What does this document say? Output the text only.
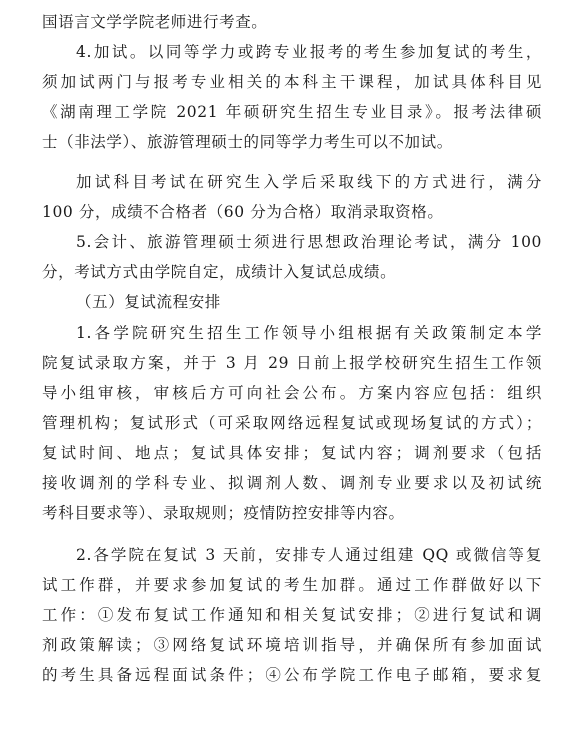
国语言文学学院老师进行考查。
4.加试。以同等学力或跨专业报考的考生参加复试的考生，
须加试两门与报考专业相关的本科主干课程，加试具体科目见
《湖南理工学院 2021 年硕研究生招生专业目录》。报考法律硕
士（非法学）、旅游管理硕士的同等学力考生可以不加试。
加试科目考试在研究生入学后采取线下的方式进行，满分
100 分，成绩不合格者（60 分为合格）取消录取资格。
5.会计、旅游管理硕士须进行思想政治理论考试，满分 100
分，考试方式由学院自定，成绩计入复试总成绩。
（五）复试流程安排
1.各学院研究生招生工作领导小组根据有关政策制定本学
院复试录取方案，并于 3 月 29 日前上报学校研究生招生工作领
导小组审核，审核后方可向社会公布。方案内容应包括：组织
管理机构；复试形式（可采取网络远程复试或现场复试的方式）；
复试时间、地点；复试具体安排；复试内容；调剂要求（包括
接收调剂的学科专业、拟调剂人数、调剂专业要求以及初试统
考科目要求等）、录取规则；疫情防控安排等内容。
2.各学院在复试 3 天前，安排专人通过组建 QQ 或微信等复
试工作群，并要求参加复试的考生加群。通过工作群做好以下
工作：①发布复试工作通知和相关复试安排；②进行复试和调
剂政策解读；③网络复试环境培训指导，并确保所有参加面试
的考生具备远程面试条件；④公布学院工作电子邮箱，要求复
